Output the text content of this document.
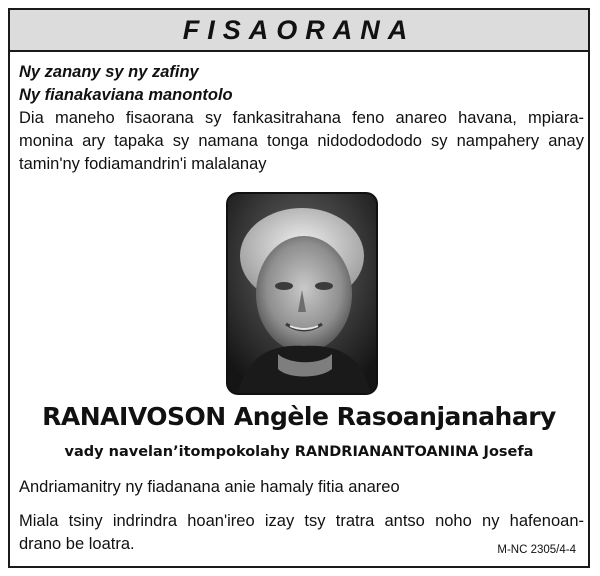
FISAORANA
Ny zanany sy ny zafiny
Ny fianakaviana manontolo
Dia maneho fisaorana sy fankasitrahana feno anareo havana, mpiara-
monina ary tapaka sy namana tonga nidododododo sy nampahery anay
tamin'ny fodiamandrin'i malalanay
RANAIVOSON Angèle Rasoanjanahary
vady navelan’itompokolahy RANDRIANANTOANINA Josefa
Andriamanitry ny fiadanana anie hamaly fitia anareo
Miala tsiny indrindra hoan'ireo izay tsy tratra antso noho ny hafenoan-
drano be loatra.	M-NC 2305/4-4
